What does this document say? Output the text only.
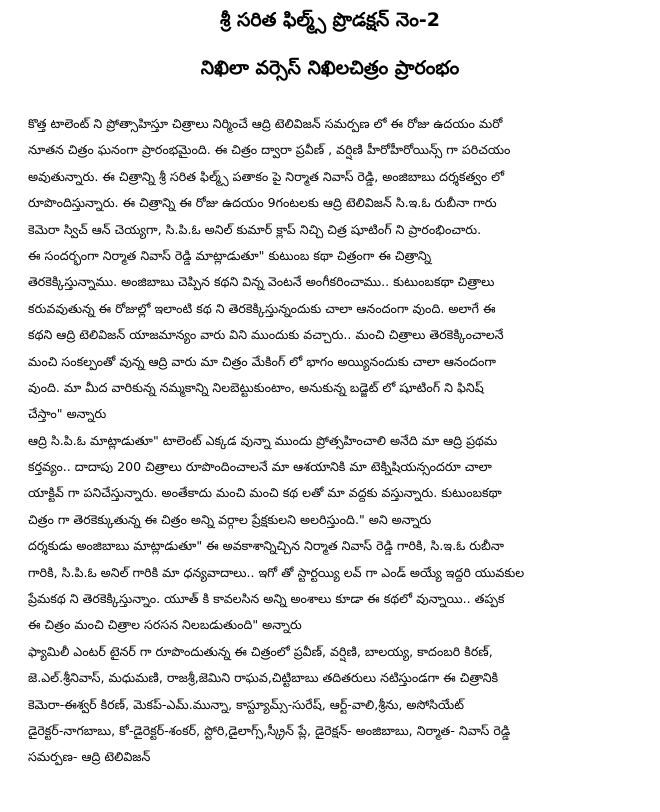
శ్రీ సరిత ఫిల్మ్స్ ప్రొడక్షన్ నెం-2
నిఖిలా వర్సెస్ నిఖిలచిత్రం ప్రారంభం
కొత్త టాలెంట్ ని ప్రోత్సాహిస్తూ చిత్రాలు నిర్మించే ఆద్రి టెలివిజన్ సమర్పణ లో ఈ రోజు ఉదయం మరో
నూతన చిత్రం ఘనంగా ప్రారంభమైంది. ఈ చిత్రం ద్వారా ప్రవీణ్ , వర్షిణి హీరోహీరోయిన్స్ గా పరిచయం
అవుతున్నారు. ఈ చిత్రాన్ని శ్రీ సరిత ఫిల్మ్స్ పతాకం పై నిర్మాత నివాస్ రెడ్డి, అంజిబాబు దర్శకత్వం లో
రూపొందిస్తున్నారు. ఈ చిత్రాన్ని ఈ రోజు ఉదయం 9గంటలకు ఆద్రి టెలివిజన్ సి.ఇ.ఓ రుబీనా గారు
కెమెరా స్విచ్ ఆన్ చెయ్యగా, సి.పి.ఓ అనిల్ కుమార్ క్లాప్ నిచ్చి చిత్ర షూటింగ్ ని ప్రారంభించారు.
ఈ సందర్భంగా నిర్మాత నివాస్ రెడ్డి మాట్లాడుతూ" కుటుంబ కథా చిత్రంగా ఈ చిత్రాన్ని
తెరకెక్కిస్తున్నాము. అంజిబాబు చెప్పిన కథని విన్న వెంటనే అంగీకరించాము.. కుటుంబకథా చిత్రాలు
కరువవుతున్న ఈ రోజుల్లో ఇలాంటి కథ ని తెరకెక్కిస్తున్నందుకు చాలా ఆనందంగా వుంది. అలాగే ఈ
కథని ఆద్రి టెలివిజన్ యాజమాన్యం వారు విని ముందుకు వచ్చారు.. మంచి చిత్రాలు తెరకెక్కించాలనే
మంచి సంకల్పంతో వున్న ఆద్రి వారు మా చిత్రం మేకింగ్ లో భాగం అయ్యినందుకు చాలా ఆనందంగా
వుంది. మా మీద వారికున్న నమ్మకాన్ని నిలబెట్టుకుంటాం, అనుకున్న బడ్జెట్ లో షూటింగ్ ని ఫినిష్
చేస్తాం" అన్నారు
ఆద్రి సి.పి.ఓ మాట్లాడుతూ" టాలెంట్ ఎక్కడ వున్నా ముందు ప్రోత్సహించాలి అనేది మా ఆద్రి ప్రథమ
కర్తవ్యం.. దాదాపు 200 చిత్రాలు రూపొందించాలనే మా ఆశయానికి మా టెక్నిషియన్సందరూ చాలా
యాక్టివ్ గా పనిచేస్తున్నారు. అంతేకాదు మంచి మంచి కథ లతో మా వద్దకు వస్తున్నారు. కుటుంబకథా
చిత్రం గా తెరకెక్కుతున్న ఈ చిత్రం అన్ని వర్గాల ప్రేక్షకులని అలరిస్తుంది." అని అన్నారు
దర్శకుడు అంజిబాబు మాట్లాడుతూ" ఈ అవకాశాన్నిచ్చిన నిర్మాత నివాస్ రెడ్డి గారికి, సి.ఇ.ఓ రుబీనా
గారికి, సి.పి.ఓ అనిల్ గారికి మా ధన్యవాదాలు.. ఇగో తో స్టార్టయ్యి లవ్ గా ఎండ్ అయ్యే ఇద్దరి యువకుల
ప్రేమకథ ని తెరకెక్కిస్తున్నాం. యూత్ కి కావలసిన అన్ని అంశాలు కూడా ఈ కథలో వున్నాయి.. తప్పక
ఈ చిత్రం మంచి చిత్రాల సరసన నిలబడుతుంది" అన్నారు
ఫ్యామిలీ ఎంటర్ టైనర్ గా రూపొందుతున్న ఈ చిత్రంలో ప్రవీణ్, వర్షిణి, బాలయ్య, కాదంబరి కిరణ్,
జె.ఎల్.శ్రీనివాస్, మధుమణి, రాజశ్రీ,జెమిని రాఘవ,చిట్టిబాబు తదితరులు నటిస్తుండగా ఈ చిత్రానికి
కెమెరా-ఈశ్వర్ కిరణ్, మెకప్-ఎమ్.మున్నా, కాస్ట్యూమ్స్-సురేష్, ఆర్ట్-వాలి,శ్రీను, అసోసియేట్
డైరెక్టర్-నాగబాబు, కో-డైరెక్టర్-శంకర్, స్టోరి,డైలాగ్స్,స్క్రీన్ ప్లే, డైరెక్షన్- అంజిబాబు, నిర్మాత- నివాస్ రెడ్డి
సమర్పణ- ఆద్రి టెలివిజన్
